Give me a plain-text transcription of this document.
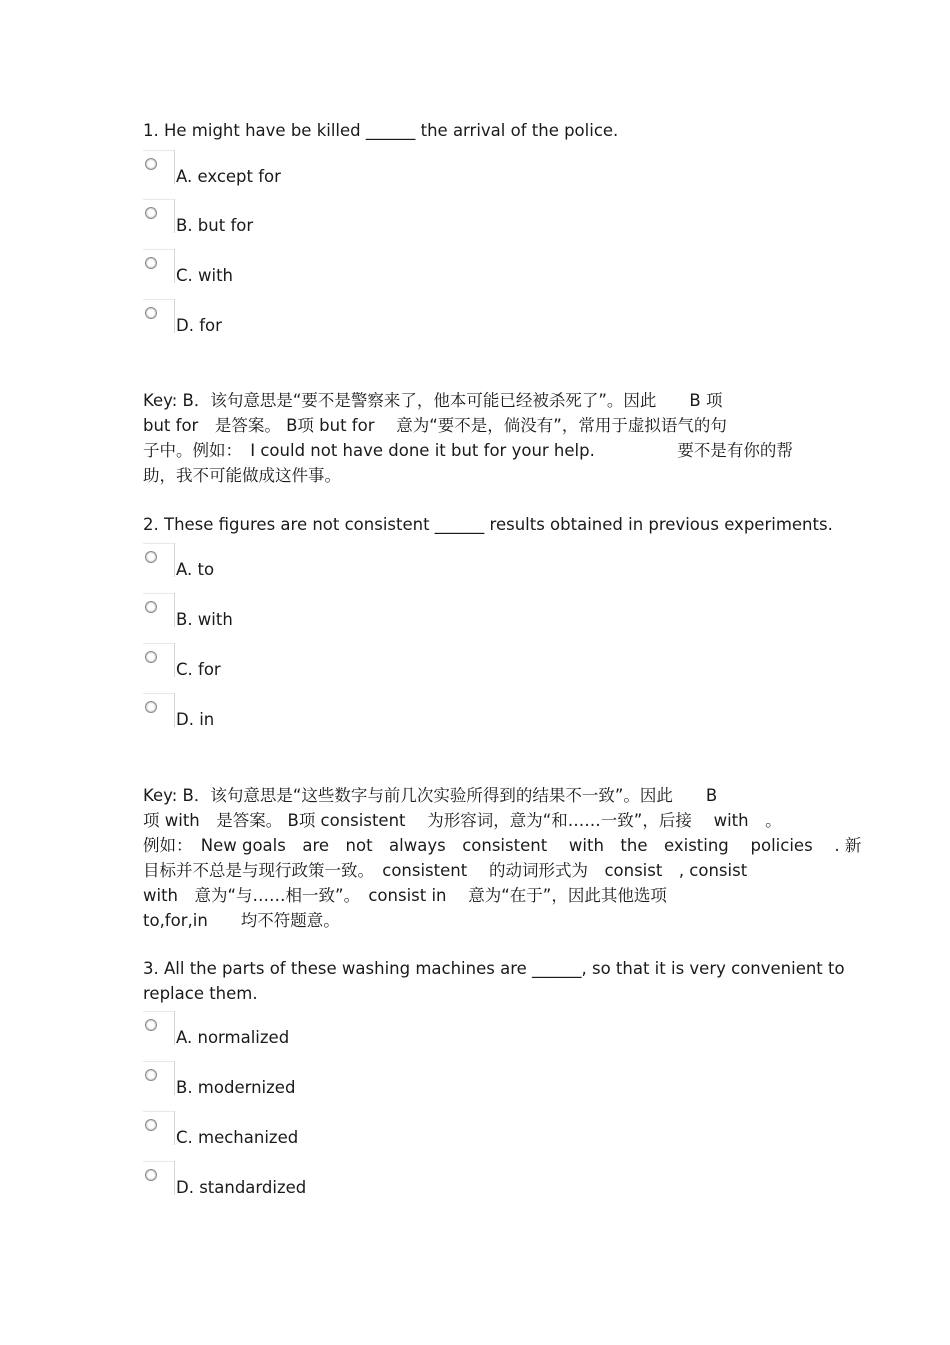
1. He might have be killed ______ the arrival of the police.
A. except for
B. but for
C. with
D. for
Key: B．该句意思是“要不是警察来了，他本可能已经被杀死了”。因此　　B 项
but for　是答案。 B项 but for　 意为“要不是，倘没有”，常用于虚拟语气的句
子中。例如：　I could not have done it but for your help.　　　　　要不是有你的帮
助，我不可能做成这件事。
2. These figures are not consistent ______ results obtained in previous experiments.
A. to
B. with
C. for
D. in
Key: B．该句意思是“这些数字与前几次实验所得到的结果不一致”。因此　　B
项 with　是答案。 B项 consistent　 为形容词，意为“和……一致”，后接　 with　。
例如：　New goals　are　not　always　consistent　 with　the　existing　 policies　 . 新
目标并不总是与现行政策一致。　consistent　 的动词形式为　consist　, consist
with　意为“与……相一致”。　consist in　 意为“在于”，因此其他选项
to,for,in　　均不符题意。
3. All the parts of these washing machines are ______, so that it is very convenient to
replace them.
A. normalized
B. modernized
C. mechanized
D. standardized
